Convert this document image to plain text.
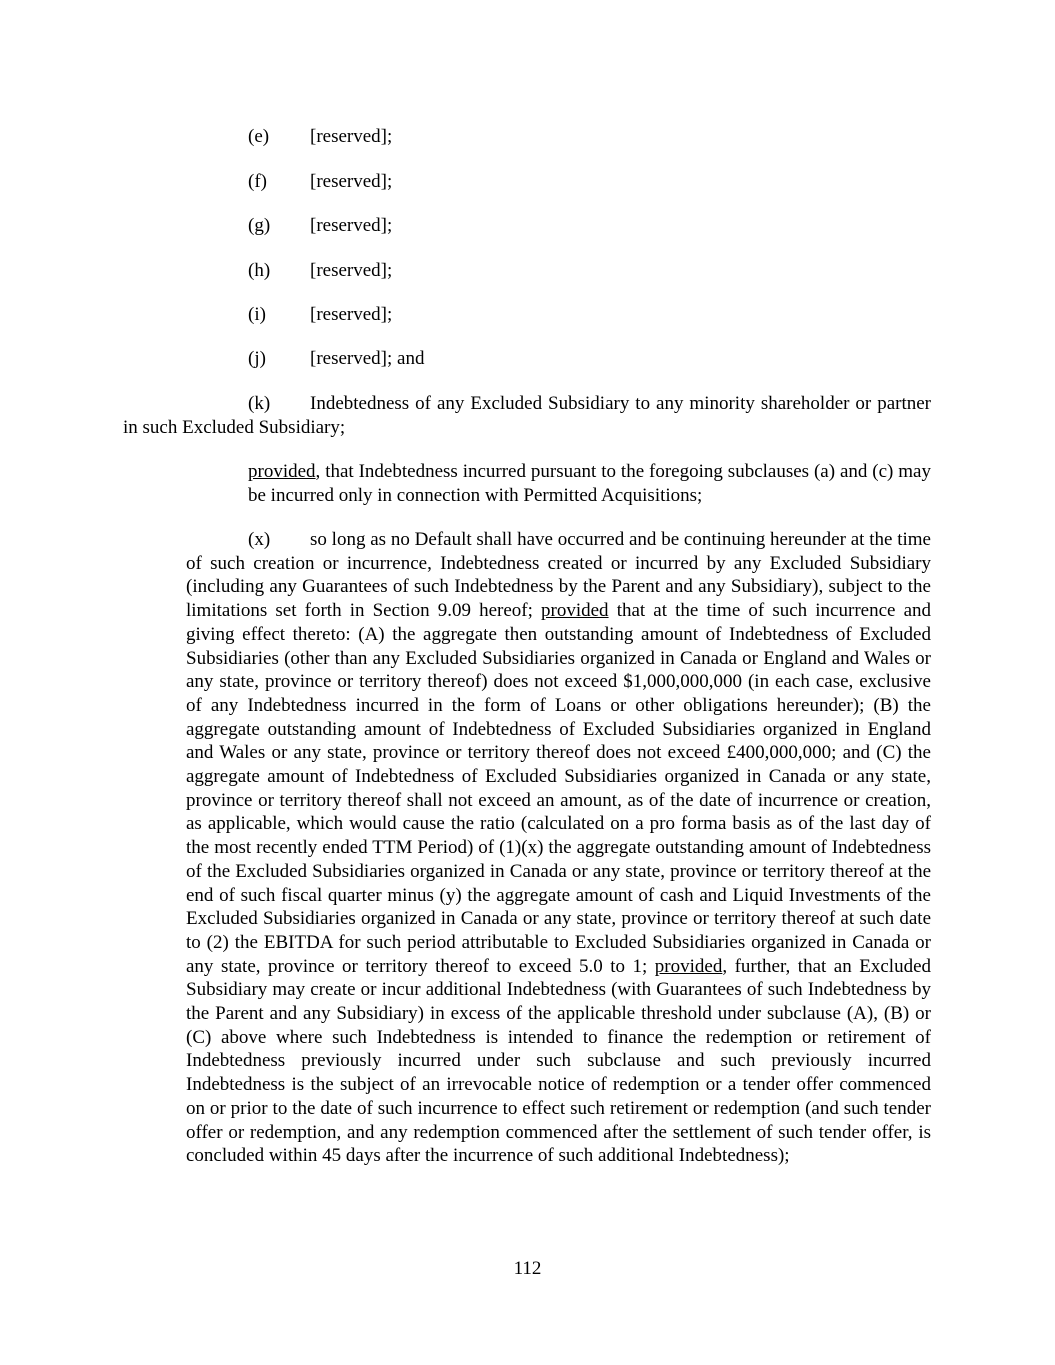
(e) [reserved];

(f) [reserved];

(g) [reserved];

(h) [reserved];

(i) [reserved];

(j) [reserved]; and

(k) Indebtedness of any Excluded Subsidiary to any minority shareholder or partner in such Excluded Subsidiary;

provided, that Indebtedness incurred pursuant to the foregoing subclauses (a) and (c) may be incurred only in connection with Permitted Acquisitions;

(x) so long as no Default shall have occurred and be continuing hereunder at the time of such creation or incurrence, Indebtedness created or incurred by any Excluded Subsidiary (including any Guarantees of such Indebtedness by the Parent and any Subsidiary), subject to the limitations set forth in Section 9.09 hereof; provided that at the time of such incurrence and giving effect thereto: (A) the aggregate then outstanding amount of Indebtedness of Excluded Subsidiaries (other than any Excluded Subsidiaries organized in Canada or England and Wales or any state, province or territory thereof) does not exceed $1,000,000,000 (in each case, exclusive of any Indebtedness incurred in the form of Loans or other obligations hereunder); (B) the aggregate outstanding amount of Indebtedness of Excluded Subsidiaries organized in England and Wales or any state, province or territory thereof does not exceed £400,000,000; and (C) the aggregate amount of Indebtedness of Excluded Subsidiaries organized in Canada or any state, province or territory thereof shall not exceed an amount, as of the date of incurrence or creation, as applicable, which would cause the ratio (calculated on a pro forma basis as of the last day of the most recently ended TTM Period) of (1)(x) the aggregate outstanding amount of Indebtedness of the Excluded Subsidiaries organized in Canada or any state, province or territory thereof at the end of such fiscal quarter minus (y) the aggregate amount of cash and Liquid Investments of the Excluded Subsidiaries organized in Canada or any state, province or territory thereof at such date to (2) the EBITDA for such period attributable to Excluded Subsidiaries organized in Canada or any state, province or territory thereof to exceed 5.0 to 1; provided, further, that an Excluded Subsidiary may create or incur additional Indebtedness (with Guarantees of such Indebtedness by the Parent and any Subsidiary) in excess of the applicable threshold under subclause (A), (B) or (C) above where such Indebtedness is intended to finance the redemption or retirement of Indebtedness previously incurred under such subclause and such previously incurred Indebtedness is the subject of an irrevocable notice of redemption or a tender offer commenced on or prior to the date of such incurrence to effect such retirement or redemption (and such tender offer or redemption, and any redemption commenced after the settlement of such tender offer, is concluded within 45 days after the incurrence of such additional Indebtedness);

112
